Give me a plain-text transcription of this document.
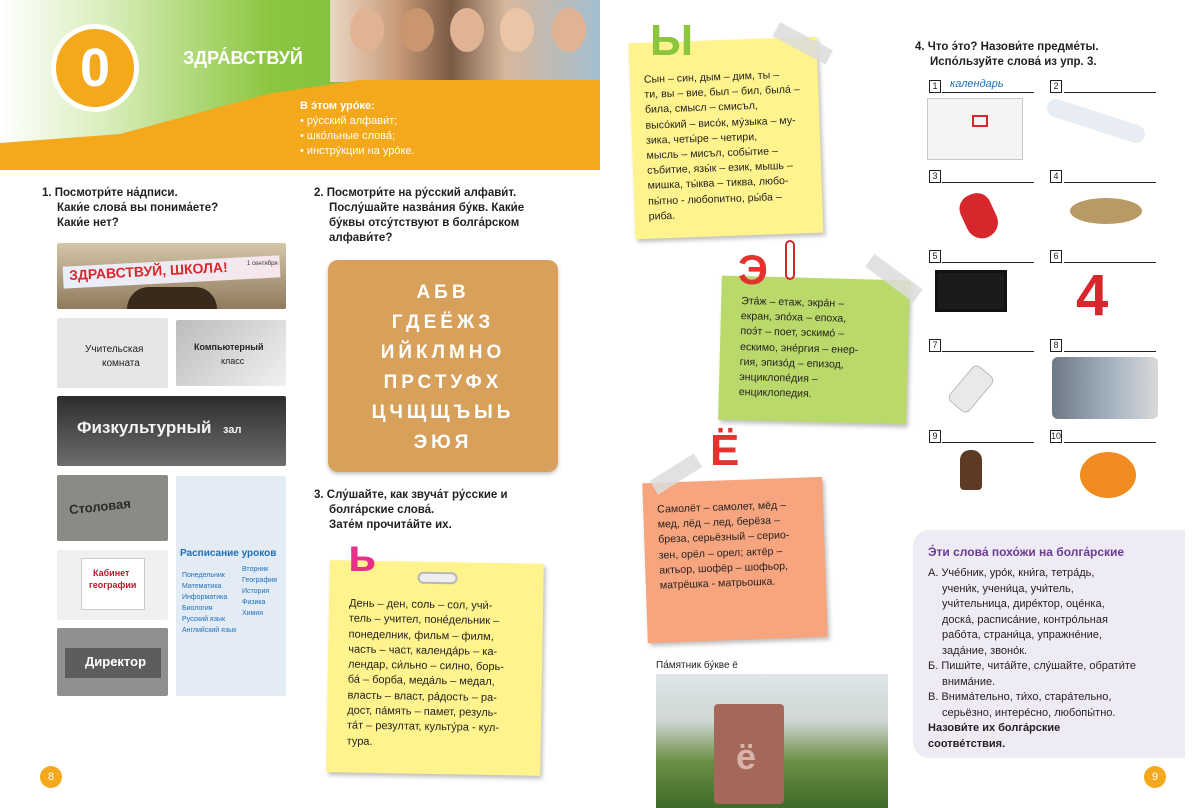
0	ЗДРА́ВСТВУЙ
В э́том уро́ке:
• ру́сский алфави́т;
• шко́льные слова́;
• инстру́кции на уро́ке.
1. Посмотри́те на́дписи.
Каки́е слова́ вы понима́ете?
Каки́е нет?
ЗДРАВСТВУЙ, ШКОЛА!	1 сентября
Учительская
комната
Компьютерный
класс
Физкультурный зал
Столовая
Расписание уроков
Понедельник
Математика
Информатика
Биология
Русский язык
Английский язык
Вторник
География
История
Физика
Химия
Кабинет
географии
Директор
2. Посмотри́те на ру́сский алфави́т.
Послу́шайте назва́ния бу́кв. Каки́е
бу́квы отсу́тствуют в болга́рском
алфави́те?
АБВ
ГДЕЁЖЗ
ИЙКЛМНО
ПРСТУФХ
ЦЧЩЩЪЫЬ
ЭЮЯ
3. Слу́шайте, как звуча́т ру́сские и
болга́рские слова́.
Зате́м прочита́йте их.
День – ден, соль – сол, учи́-
тель – учител, поне́дельник –
понеделник, фильм – филм,
часть – част, календа́рь – ка-
лендар, си́льно – силно, борь-
ба́ – борба, меда́ль – медал,
власть – власт, ра́дость – ра-
дост, па́мять – памет, резуль-
та́т – резултат, культу́ра - кул-
тура.
ь
8
Сын – син, дым – дим, ты –
ти, вы – вие, был – бил, была́ –
била, смысл – смисъл,
высо́кий – висо́к, му́зыка – му-
зика, четы́ре – четири,
мысль – мисъл, собы́тие –
събитие, язы́к – език, мышь –
мишка, ты́ква – тиква, любо-
пы́тно - любопитно, ры́ба –
риба.
Ы
Эта́ж – етаж, экра́н –
екран, эпо́ха – епоха,
поэ́т – поет, эскимо́ –
ескимо, эне́ргия – енер-
гия, эпизо́д – епизод,
энциклопе́дия –
енциклопедия.
Э
Самолёт – самолет, мёд –
мед, лёд – лед, берёза –
бреза, серьёзный – серио-
зен, орёл – орел; актёр –
актьор, шофёр – шофьор,
матрёшка - матрьошка.
Ё
Па́мятник бу́кве ё
ё
4. Что э́то? Назови́те предме́ты.
Испо́льзуйте слова́ из упр. 3.
1	календарь	2
3	4
5	6
4
7	8
9	10
9
Э́ти слова́ похо́жи на болга́рские
А. Уче́бник, уро́к, кни́га, тетра́дь,
учени́к, учени́ца, учи́тель,
учи́тельница, дире́ктор, оце́нка,
доска́, расписа́ние, контро́льная
рабо́та, страни́ца, упражне́ние,
зада́ние, звоно́к.
Б. Пиши́те, чита́йте, слу́шайте, обрати́те
внима́ние.
В. Внима́тельно, ти́хо, стара́тельно,
серьёзно, интере́сно, любопы́тно.
Назови́те их болга́рские
соотве́тствия.
